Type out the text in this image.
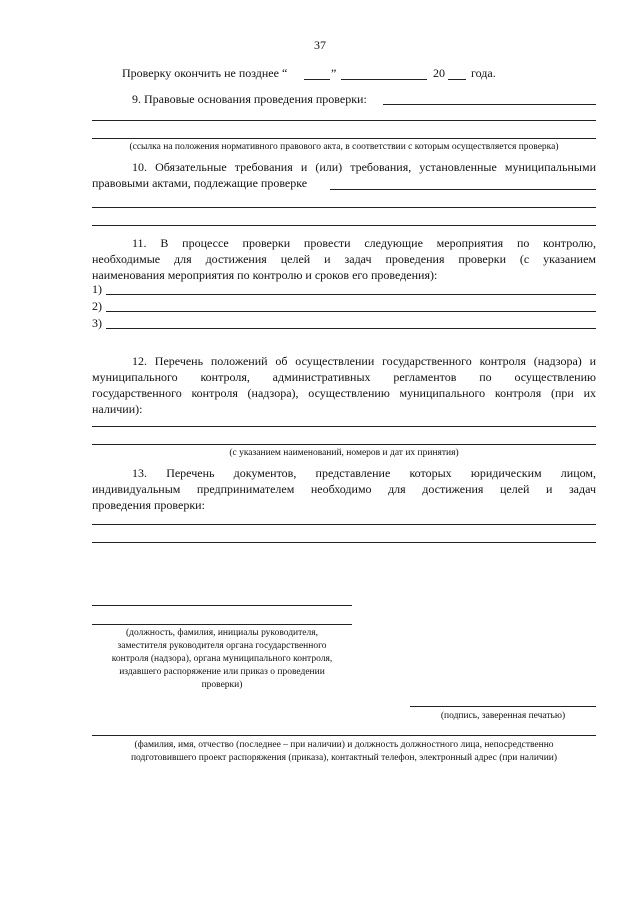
37
Проверку окончить не позднее “	”	20 года.
9. Правовые основания проведения проверки:
(ссылка на положения нормативного правового акта, в соответствии с которым осуществляется проверка)
10. Обязательные требования и (или) требования, установленные муниципальными
правовыми актами, подлежащие проверке
11. В процессе проверки провести следующие мероприятия по контролю,
необходимые для достижения целей и задач проведения проверки (с указанием
наименования мероприятия по контролю и сроков его проведения):
1)
2)
3)
12. Перечень положений об осуществлении государственного контроля (надзора) и
муниципального контроля, административных регламентов по осуществлению
государственного контроля (надзора), осуществлению муниципального контроля (при их
наличии):
(с указанием наименований, номеров и дат их принятия)
13. Перечень документов, представление которых юридическим лицом,
индивидуальным предпринимателем необходимо для достижения целей и задач
проведения проверки:
(должность, фамилия, инициалы руководителя,
заместителя руководителя органа государственного
контроля (надзора), органа муниципального контроля,
издавшего распоряжение или приказ о проведении
проверки)
(подпись, заверенная печатью)
(фамилия, имя, отчество (последнее – при наличии) и должность должностного лица, непосредственно
подготовившего проект распоряжения (приказа), контактный телефон, электронный адрес (при наличии)
